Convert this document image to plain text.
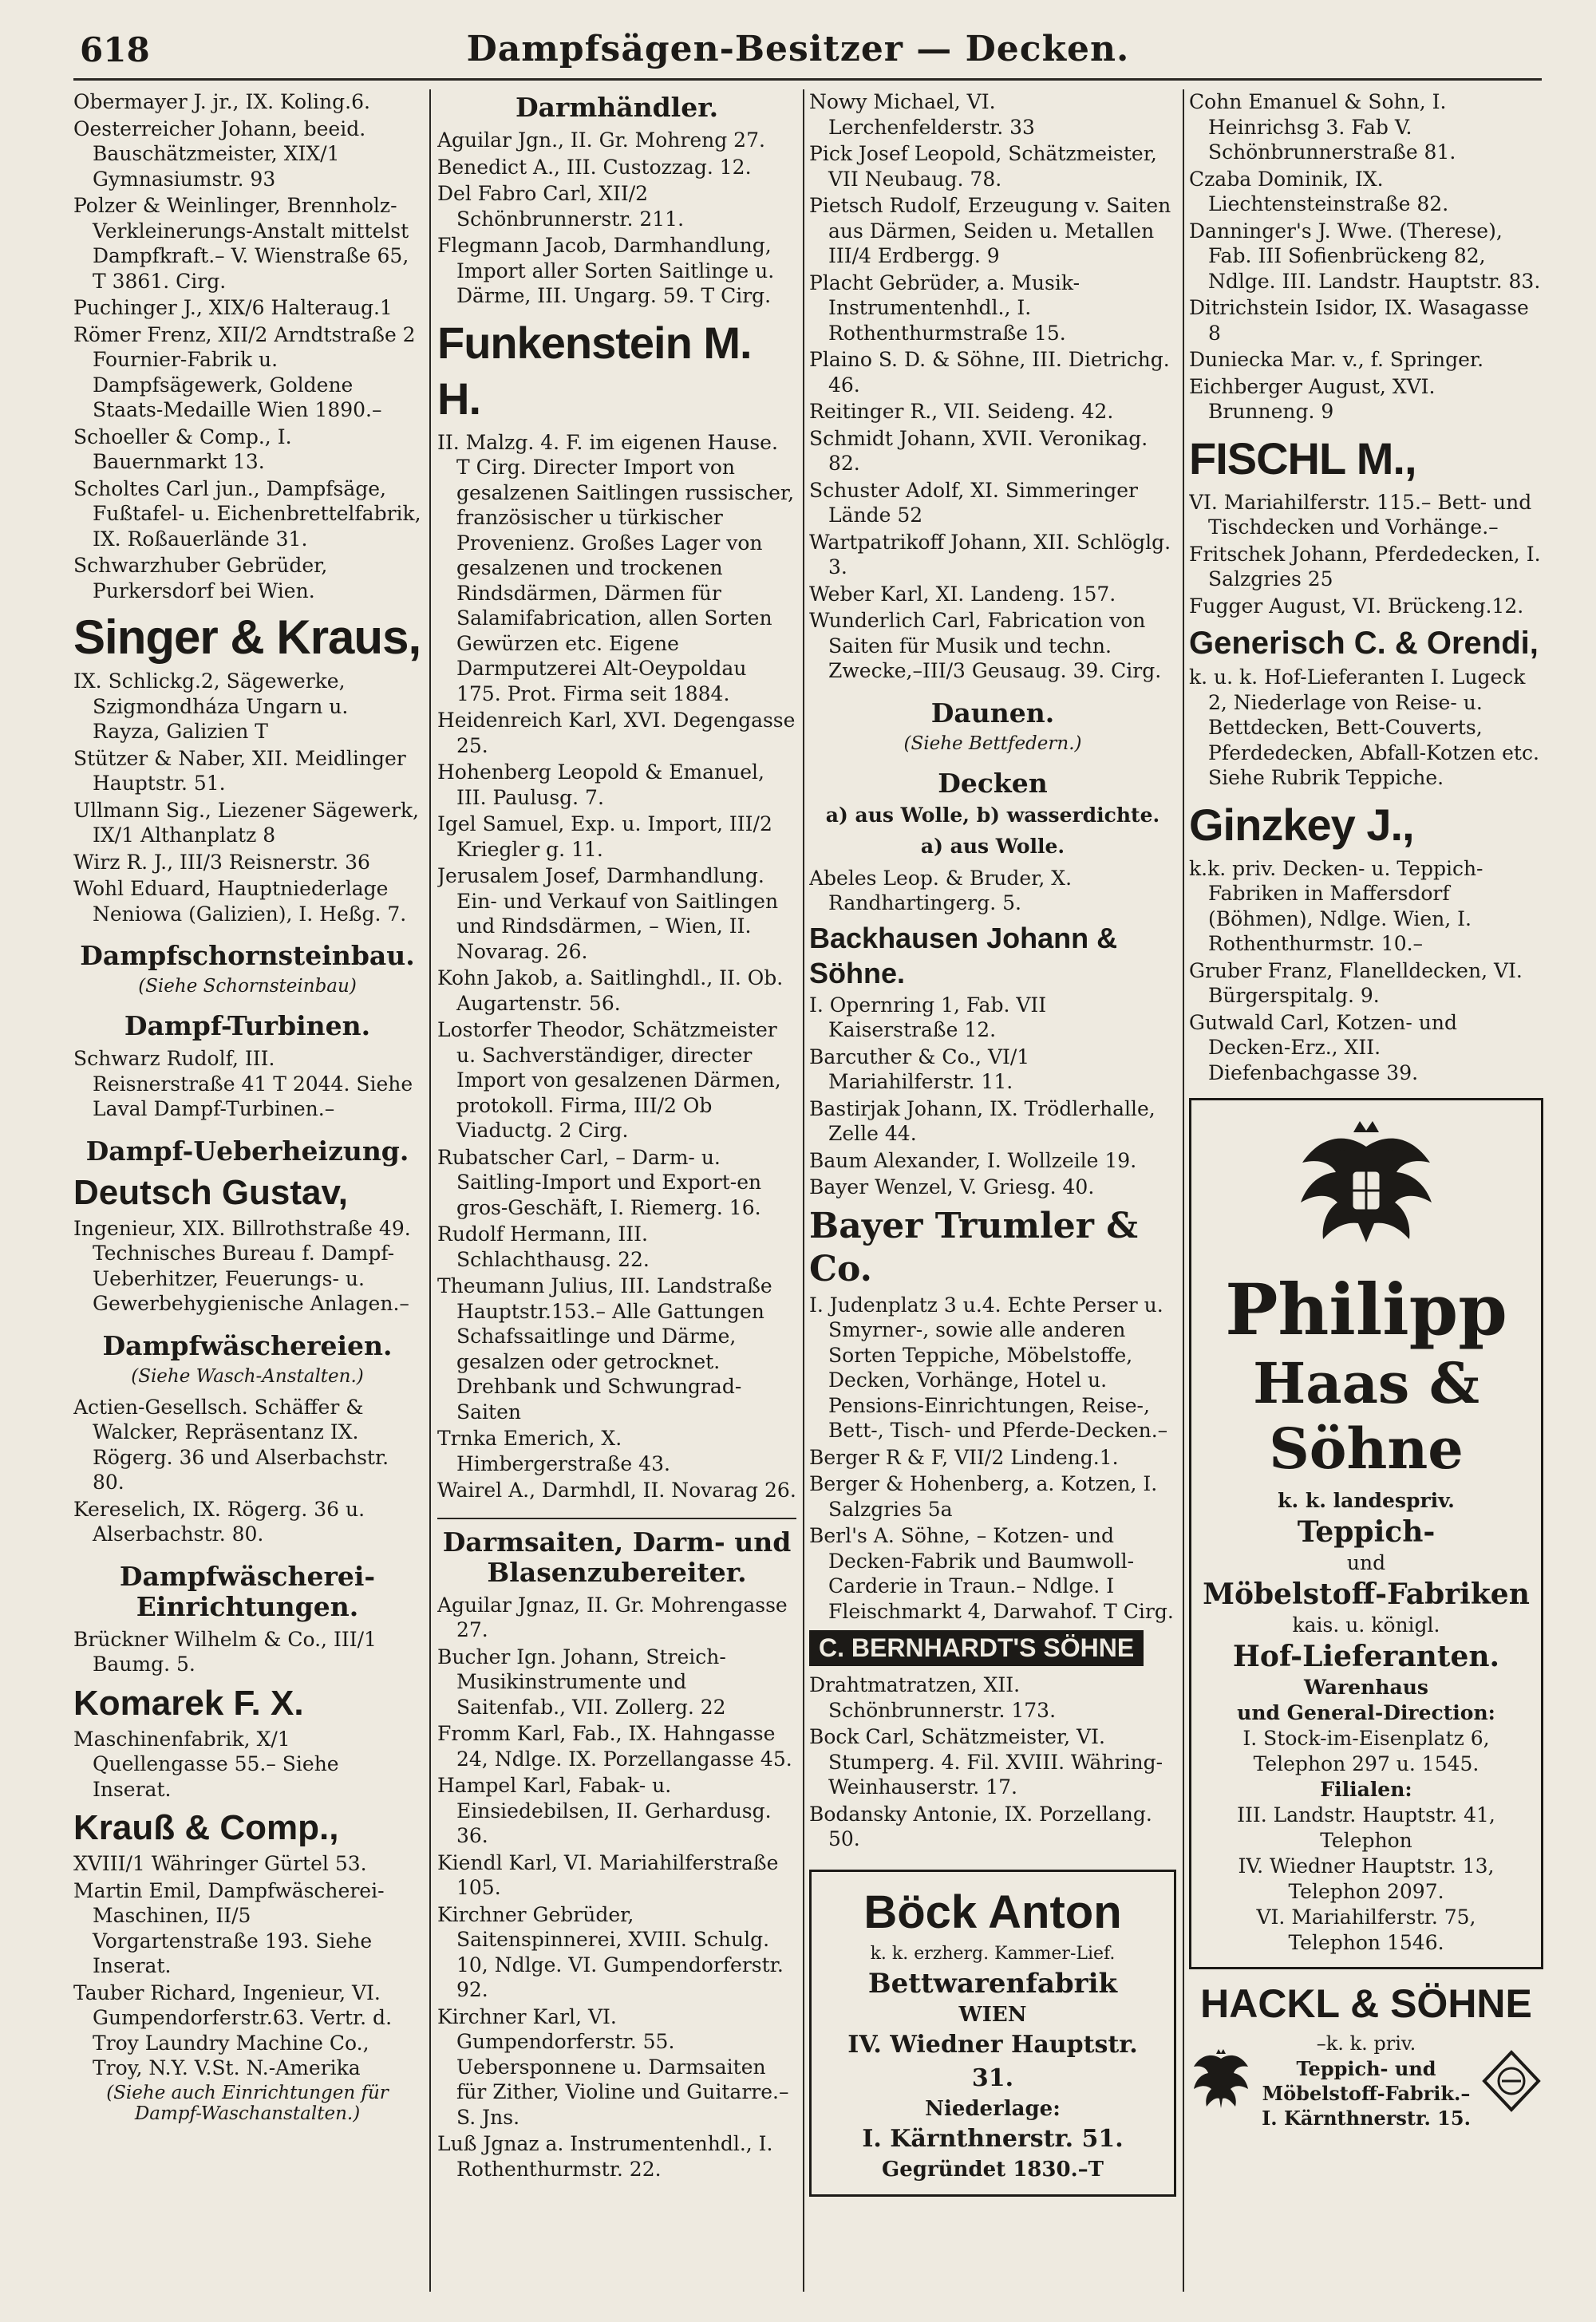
618	Dampfsägen-Besitzer — Decken.
Obermayer J. jr., IX. Koling.6.
Oesterreicher Johann, beeid. Bauschätzmeister, XIX/1 Gymnasiumstr. 93
Polzer & Weinlinger, Brennholz-Verkleinerungs-Anstalt mittelst Dampfkraft.– V. Wienstraße 65, T 3861. Cirg.
Puchinger J., XIX/6 Halteraug.1
Römer Frenz, XII/2 Arndtstraße 2 Fournier-Fabrik u. Dampfsägewerk, Goldene Staats-Medaille Wien 1890.–
Schoeller & Comp., I. Bauernmarkt 13.
Scholtes Carl jun., Dampfsäge, Fußtafel- u. Eichenbrettelfabrik, IX. Roßauerlände 31.
Schwarzhuber Gebrüder, Purkersdorf bei Wien.
Singer & Kraus,
IX. Schlickg.2, Sägewerke, Szigmondháza Ungarn u. Rayza, Galizien T
Stützer & Naber, XII. Meidlinger Hauptstr. 51.
Ullmann Sig., Liezener Sägewerk, IX/1 Althanplatz 8
Wirz R. J., III/3 Reisnerstr. 36
Wohl Eduard, Hauptniederlage Neniowa (Galizien), I. Heßg. 7.
Dampfschornsteinbau.
(Siehe Schornsteinbau)
Dampf-Turbinen.
Schwarz Rudolf, III. Reisnerstraße 41 T 2044. Siehe Laval Dampf-Turbinen.–
Dampf-Ueberheizung.
Deutsch Gustav,
Ingenieur, XIX. Billrothstraße 49. Technisches Bureau f. Dampf-Ueberhitzer, Feuerungs- u. Gewerbehygienische Anlagen.–
Dampfwäschereien.
(Siehe Wasch-Anstalten.)
Actien-Gesellsch. Schäffer & Walcker, Repräsentanz IX. Rögerg. 36 und Alserbachstr. 80.
Kereselich, IX. Rögerg. 36 u. Alserbachstr. 80.
Dampfwäscherei-Einrichtungen.
Brückner Wilhelm & Co., III/1 Baumg. 5.
Komarek F. X.
Maschinenfabrik, X/1 Quellengasse 55.– Siehe Inserat.
Krauß & Comp.,
XVIII/1 Währinger Gürtel 53.
Martin Emil, Dampfwäscherei-Maschinen, II/5 Vorgartenstraße 193. Siehe Inserat.
Tauber Richard, Ingenieur, VI. Gumpendorferstr.63. Vertr. d. Troy Laundry Machine Co., Troy, N.Y. V.St. N.-Amerika
(Siehe auch Einrichtungen für Dampf-Waschanstalten.)
Darmhändler.
Aguilar Jgn., II. Gr. Mohreng 27.
Benedict A., III. Custozzag. 12.
Del Fabro Carl, XII/2 Schönbrunnerstr. 211.
Flegmann Jacob, Darmhandlung, Import aller Sorten Saitlinge u. Därme, III. Ungarg. 59. T Cirg.
Funkenstein M. H.
II. Malzg. 4. F. im eigenen Hause. T Cirg. Directer Import von gesalzenen Saitlingen russischer, französischer u türkischer Provenienz. Großes Lager von gesalzenen und trockenen Rindsdärmen, Därmen für Salamifabrication, allen Sorten Gewürzen etc. Eigene Darmputzerei Alt-Oeypoldau 175. Prot. Firma seit 1884.
Heidenreich Karl, XVI. Degengasse 25.
Hohenberg Leopold & Emanuel, III. Paulusg. 7.
Igel Samuel, Exp. u. Import, III/2 Kriegler g. 11.
Jerusalem Josef, Darmhandlung. Ein- und Verkauf von Saitlingen und Rindsdärmen, – Wien, II. Novarag. 26.
Kohn Jakob, a. Saitlinghdl., II. Ob. Augartenstr. 56.
Lostorfer Theodor, Schätzmeister u. Sachverständiger, directer Import von gesalzenen Därmen, protokoll. Firma, III/2 Ob Viaductg. 2 Cirg.
Rubatscher Carl, – Darm- u. Saitling-Import und Export-en gros-Geschäft, I. Riemerg. 16.
Rudolf Hermann, III. Schlachthausg. 22.
Theumann Julius, III. Landstraße Hauptstr.153.– Alle Gattungen Schafssaitlinge und Därme, gesalzen oder getrocknet. Drehbank und Schwungrad-Saiten
Trnka Emerich, X. Himbergerstraße 43.
Wairel A., Darmhdl, II. Novarag 26.
Darmsaiten, Darm- und Blasenzubereiter.
Aguilar Jgnaz, II. Gr. Mohrengasse 27.
Bucher Ign. Johann, Streich-Musikinstrumente und Saitenfab., VII. Zollerg. 22
Fromm Karl, Fab., IX. Hahngasse 24, Ndlge. IX. Porzellangasse 45.
Hampel Karl, Fabak- u. Einsiedebilsen, II. Gerhardusg. 36.
Kiendl Karl, VI. Mariahilferstraße 105.
Kirchner Gebrüder, Saitenspinnerei, XVIII. Schulg. 10, Ndlge. VI. Gumpendorferstr. 92.
Kirchner Karl, VI. Gumpendorferstr. 55. Uebersponnene u. Darmsaiten für Zither, Violine und Guitarre.– S. Jns.
Luß Jgnaz a. Instrumentenhdl., I. Rothenthurmstr. 22.
Nowy Michael, VI. Lerchenfelderstr. 33
Pick Josef Leopold, Schätzmeister, VII Neubaug. 78.
Pietsch Rudolf, Erzeugung v. Saiten aus Därmen, Seiden u. Metallen III/4 Erdbergg. 9
Placht Gebrüder, a. Musik-Instrumentenhdl., I. Rothenthurmstraße 15.
Plaino S. D. & Söhne, III. Dietrichg. 46.
Reitinger R., VII. Seideng. 42.
Schmidt Johann, XVII. Veronikag. 82.
Schuster Adolf, XI. Simmeringer Lände 52
Wartpatrikoff Johann, XII. Schlöglg. 3.
Weber Karl, XI. Landeng. 157.
Wunderlich Carl, Fabrication von Saiten für Musik und techn. Zwecke,–III/3 Geusaug. 39. Cirg.
Daunen.
(Siehe Bettfedern.)
Decken
a) aus Wolle, b) wasserdichte.
a) aus Wolle.
Abeles Leop. & Bruder, X. Randhartingerg. 5.
Backhausen Johann & Söhne.
I. Opernring 1, Fab. VII Kaiserstraße 12.
Barcuther & Co., VI/1 Mariahilferstr. 11.
Bastirjak Johann, IX. Trödlerhalle, Zelle 44.
Baum Alexander, I. Wollzeile 19.
Bayer Wenzel, V. Griesg. 40.
Bayer Trumler & Co.
I. Judenplatz 3 u.4. Echte Perser u. Smyrner-, sowie alle anderen Sorten Teppiche, Möbelstoffe, Decken, Vorhänge, Hotel u. Pensions-Einrichtungen, Reise-, Bett-, Tisch- und Pferde-Decken.–
Berger R & F, VII/2 Lindeng.1.
Berger & Hohenberg, a. Kotzen, I. Salzgries 5a
Berl's A. Söhne, – Kotzen- und Decken-Fabrik und Baumwoll-Carderie in Traun.– Ndlge. I Fleischmarkt 4, Darwahof. T Cirg.
C. BERNHARDT'S SÖHNE
Drahtmatratzen, XII. Schönbrunnerstr. 173.
Bock Carl, Schätzmeister, VI. Stumperg. 4. Fil. XVIII. Währing-Weinhauserstr. 17.
Bodansky Antonie, IX. Porzellang. 50.
Böck Anton
k. k. erzherg. Kammer-Lief.
Bettwarenfabrik
WIEN
IV. Wiedner Hauptstr. 31.
Niederlage:
I. Kärnthnerstr. 51.
Gegründet 1830.–T
Cohn Emanuel & Sohn, I. Heinrichsg 3. Fab V. Schönbrunnerstraße 81.
Czaba Dominik, IX. Liechtensteinstraße 82.
Danninger's J. Wwe. (Therese), Fab. III Sofienbrückeng 82, Ndlge. III. Landstr. Hauptstr. 83.
Ditrichstein Isidor, IX. Wasagasse 8
Duniecka Mar. v., f. Springer.
Eichberger August, XVI. Brunneng. 9
FISCHL M.,
VI. Mariahilferstr. 115.– Bett- und Tischdecken und Vorhänge.–
Fritschek Johann, Pferdedecken, I. Salzgries 25
Fugger August, VI. Brückeng.12.
Generisch C. & Orendi,
k. u. k. Hof-Lieferanten I. Lugeck 2, Niederlage von Reise- u. Bettdecken, Bett-Couverts, Pferdedecken, Abfall-Kotzen etc. Siehe Rubrik Teppiche.
Ginzkey J.,
k.k. priv. Decken- u. Teppich-Fabriken in Maffersdorf (Böhmen), Ndlge. Wien, I. Rothenthurmstr. 10.–
Gruber Franz, Flanelldecken, VI. Bürgerspitalg. 9.
Gutwald Carl, Kotzen- und Decken-Erz., XII. Diefenbachgasse 39.
Philipp
Haas & Söhne
k. k. landespriv.
Teppich-
und
Möbelstoff-Fabriken
kais. u. königl.
Hof-Lieferanten.
Warenhaus
und General-Direction:
I. Stock-im-Eisenplatz 6,
Telephon 297 u. 1545.
Filialen:
III. Landstr. Hauptstr. 41,
Telephon
IV. Wiedner Hauptstr. 13,
Telephon 2097.
VI. Mariahilferstr. 75,
Telephon 1546.
HACKL & SÖHNE
–k. k. priv.
Teppich- und Möbelstoff-Fabrik.– I. Kärnthnerstr. 15.
